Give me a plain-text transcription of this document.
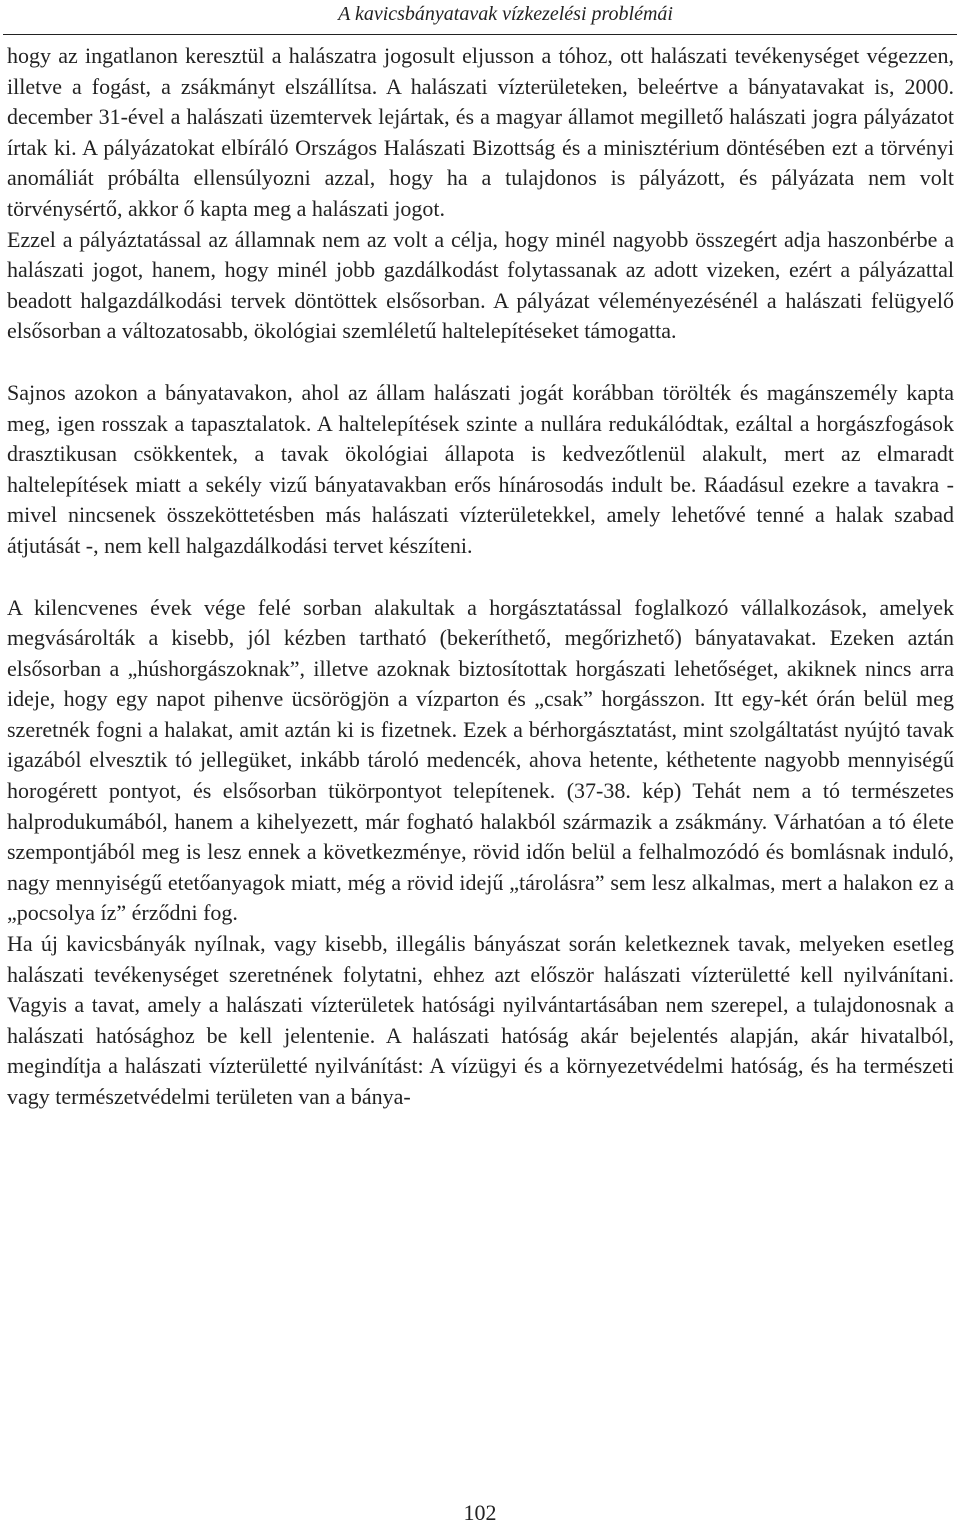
A kavicsbányatavak vízkezelési problémái

hogy az ingatlanon keresztül a halászatra jogosult eljusson a tóhoz, ott halászati tevékenységet végezzen, illetve a fogást, a zsákmányt elszállítsa. A halászati vízterületeken, beleértve a bányatavakat is, 2000. december 31-ével a halászati üzemtervek lejártak, és a magyar államot megillető halászati jogra pályázatot írtak ki. A pályázatokat elbíráló Országos Halászati Bizottság és a minisztérium döntésében ezt a törvényi anomáliát próbálta ellensúlyozni azzal, hogy ha a tulajdonos is pályázott, és pályázata nem volt törvénysértő, akkor ő kapta meg a halászati jogot.

Ezzel a pályáztatással az államnak nem az volt a célja, hogy minél nagyobb összegért adja haszonbérbe a halászati jogot, hanem, hogy minél jobb gazdálkodást folytassanak az adott vizeken, ezért a pályázattal beadott halgazdálkodási tervek döntöttek elsősorban. A pályázat véleményezésénél a halászati felügyelő elsősorban a változatosabb, ökológiai szemléletű haltelepítéseket támogatta.

Sajnos azokon a bányatavakon, ahol az állam halászati jogát korábban törölték és magánszemély kapta meg, igen rosszak a tapasztalatok. A haltelepítések szinte a nullára redukálódtak, ezáltal a horgászfogások drasztikusan csökkentek, a tavak ökológiai állapota is kedvezőtlenül alakult, mert az elmaradt haltelepítések miatt a sekély vizű bányatavakban erős hínárosodás indult be. Ráadásul ezekre a tavakra - mivel nincsenek összeköttetésben más halászati vízterületekkel, amely lehetővé tenné a halak szabad átjutását -, nem kell halgazdálkodási tervet készíteni.

A kilencvenes évek vége felé sorban alakultak a horgásztatással foglalkozó vállalkozások, amelyek megvásárolták a kisebb, jól kézben tartható (bekeríthető, megőrizhető) bányatavakat. Ezeken aztán elsősorban a „húshorgászoknak”, illetve azoknak biztosítottak horgászati lehetőséget, akiknek nincs arra ideje, hogy egy napot pihenve ücsörögjön a vízparton és „csak” horgásszon. Itt egy-két órán belül meg szeretnék fogni a halakat, amit aztán ki is fizetnek. Ezek a bérhorgásztatást, mint szolgáltatást nyújtó tavak igazából elvesztik tó jellegüket, inkább tároló medencék, ahova hetente, kéthetente nagyobb mennyiségű horogérett pontyot, és elsősorban tükörpontyot telepítenek. (37-38. kép) Tehát nem a tó természetes halprodukumából, hanem a kihelyezett, már fogható halakból származik a zsákmány. Várhatóan a tó élete szempontjából meg is lesz ennek a következménye, rövid időn belül a felhalmozódó és bomlásnak induló, nagy mennyiségű etetőanyagok miatt, még a rövid idejű „tárolásra” sem lesz alkalmas, mert a halakon ez a „pocsolya íz” érződni fog.

Ha új kavicsbányák nyílnak, vagy kisebb, illegális bányászat során keletkeznek tavak, melyeken esetleg halászati tevékenységet szeretnének folytatni, ehhez azt először halászati vízterületté kell nyilvánítani. Vagyis a tavat, amely a halászati vízterületek hatósági nyilvántartásában nem szerepel, a tulajdonosnak a halászati hatósághoz be kell jelentenie. A halászati hatóság akár bejelentés alapján, akár hivatalból, megindítja a halászati vízterületté nyilvánítást: A vízügyi és a környezetvédelmi hatóság, és ha természeti vagy természetvédelmi területen van a bánya-

102
